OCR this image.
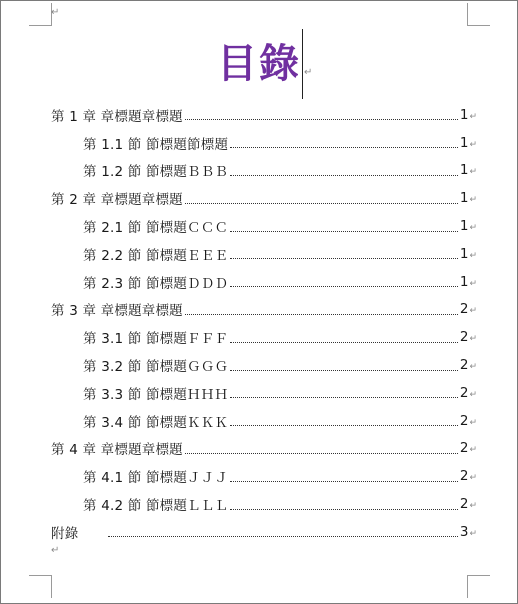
↵
目錄 ↵
第 1 章 章標題章標題	1 ↵
第 1.1 節 節標題節標題	1 ↵
第 1.2 節 節標題ＢＢＢ	1 ↵
第 2 章 章標題章標題	1 ↵
第 2.1 節 節標題ＣＣＣ	1 ↵
第 2.2 節 節標題ＥＥＥ	1 ↵
第 2.3 節 節標題ＤＤＤ	1 ↵
第 3 章 章標題章標題	2 ↵
第 3.1 節 節標題ＦＦＦ	2 ↵
第 3.2 節 節標題ＧＧＧ	2 ↵
第 3.3 節 節標題ＨＨＨ	2 ↵
第 3.4 節 節標題ＫＫＫ	2 ↵
第 4 章 章標題章標題	2 ↵
第 4.1 節 節標題ＪＪＪ	2 ↵
第 4.2 節 節標題ＬＬＬ	2 ↵
附錄	3 ↵
↵
